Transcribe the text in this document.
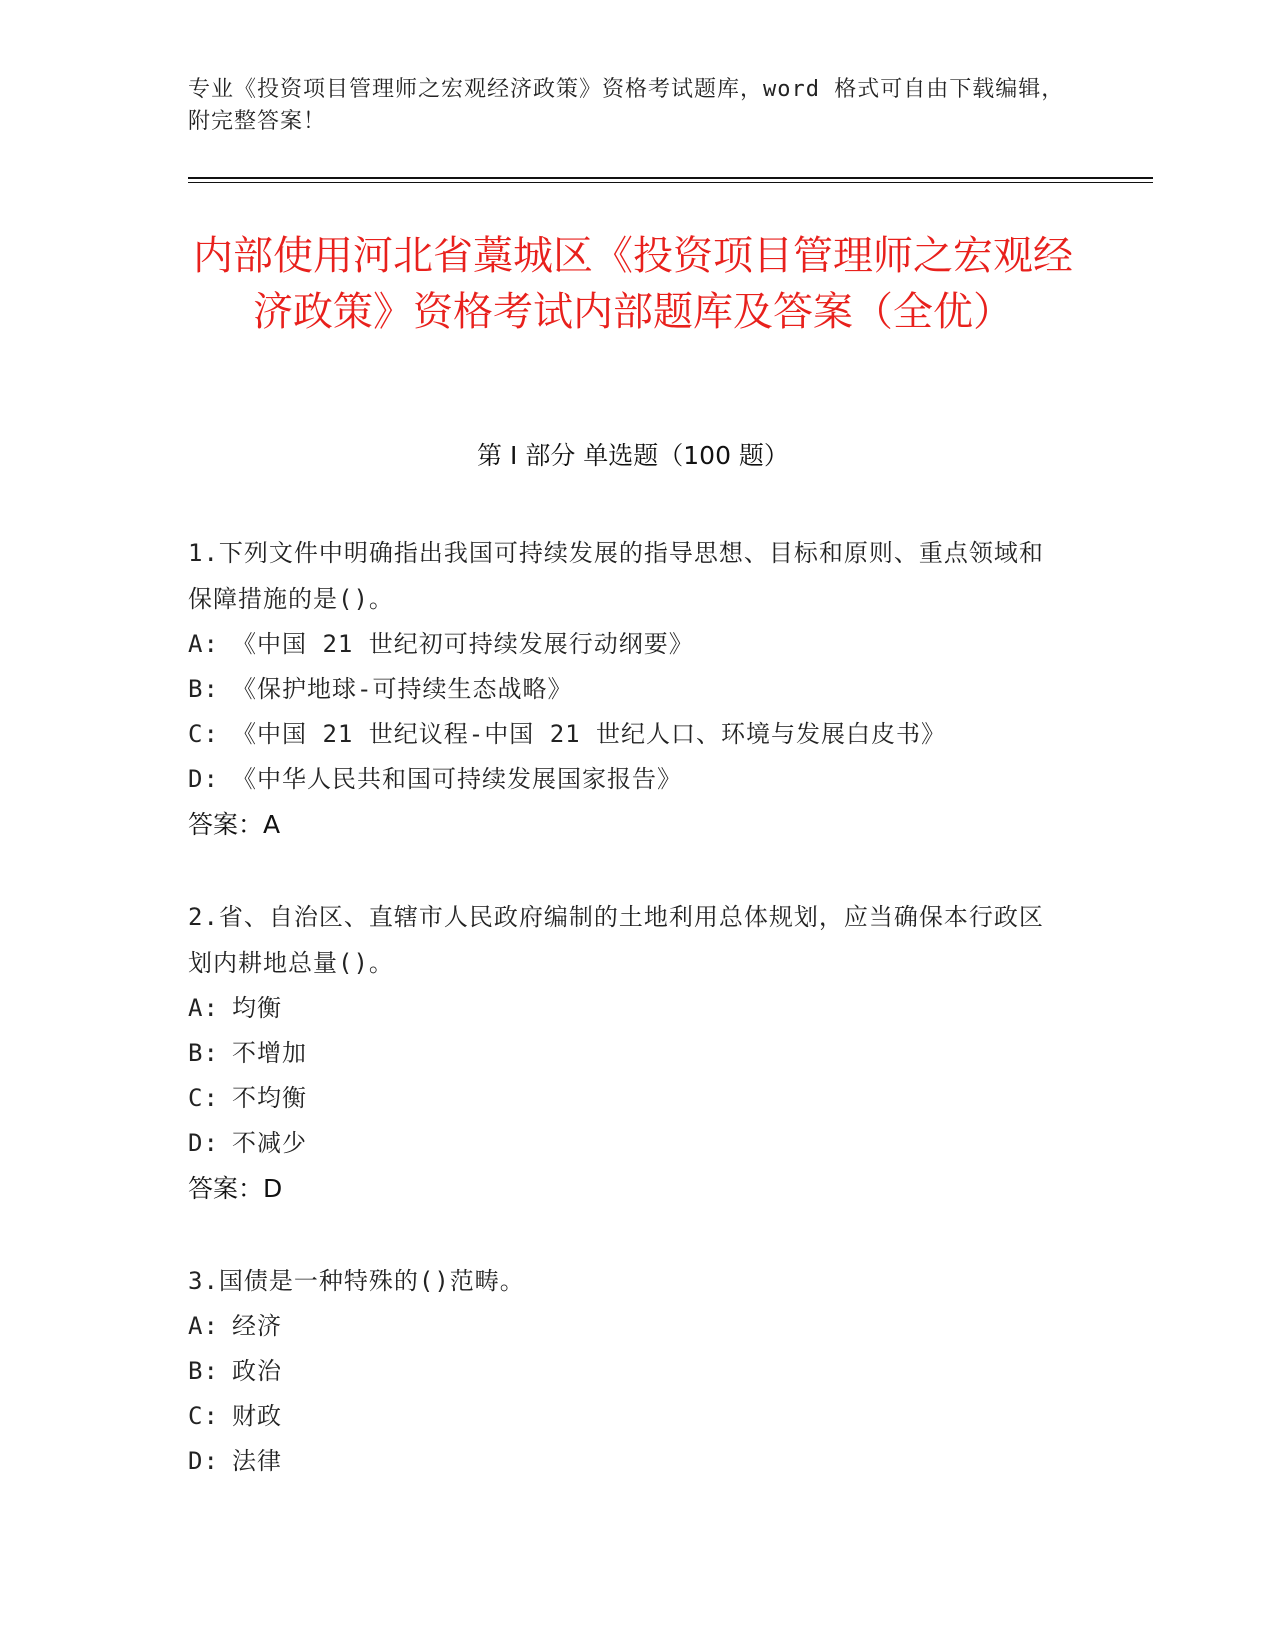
专业《投资项目管理师之宏观经济政策》资格考试题库，word 格式可自由下载编辑，附完整答案！
内部使用河北省藁城区《投资项目管理师之宏观经济政策》资格考试内部题库及答案（全优）
第 I 部分 单选题（100 题）
1.下列文件中明确指出我国可持续发展的指导思想、目标和原则、重点领域和保障措施的是()。
A: 《中国 21 世纪初可持续发展行动纲要》
B: 《保护地球-可持续生态战略》
C: 《中国 21 世纪议程-中国 21 世纪人口、环境与发展白皮书》
D: 《中华人民共和国可持续发展国家报告》
答案：A
2.省、自治区、直辖市人民政府编制的土地利用总体规划，应当确保本行政区划内耕地总量()。
A: 均衡
B: 不增加
C: 不均衡
D: 不减少
答案：D
3.国债是一种特殊的()范畴。
A: 经济
B: 政治
C: 财政
D: 法律
